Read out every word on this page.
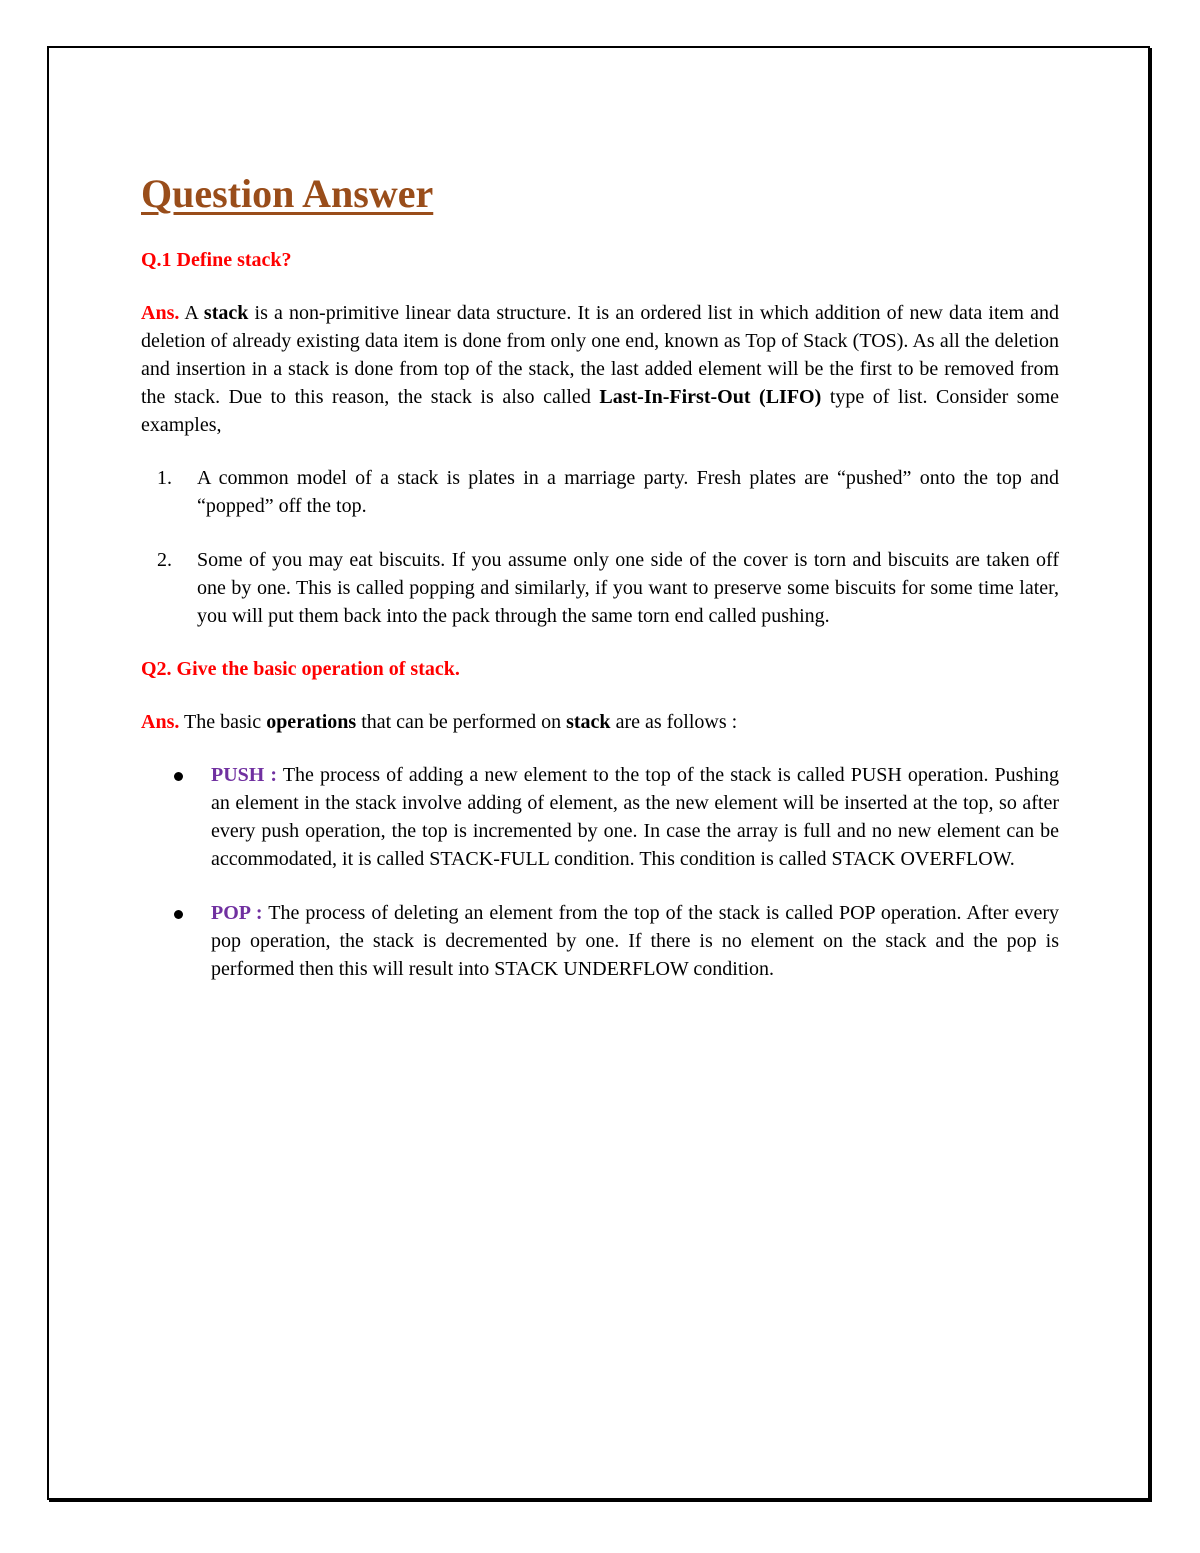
Question Answer

Q.1 Define stack?

Ans. A stack is a non-primitive linear data structure. It is an ordered list in which addition of new data item and deletion of already existing data item is done from only one end, known as Top of Stack (TOS). As all the deletion and insertion in a stack is done from top of the stack, the last added element will be the first to be removed from the stack. Due to this reason, the stack is also called Last-In-First-Out (LIFO) type of list. Consider some examples,

1. A common model of a stack is plates in a marriage party. Fresh plates are “pushed” onto the top and “popped” off the top.
2. Some of you may eat biscuits. If you assume only one side of the cover is torn and biscuits are taken off one by one. This is called popping and similarly, if you want to preserve some biscuits for some time later, you will put them back into the pack through the same torn end called pushing.

Q2. Give the basic operation of stack.

Ans. The basic operations that can be performed on stack are as follows :

PUSH : The process of adding a new element to the top of the stack is called PUSH operation. Pushing an element in the stack involve adding of element, as the new element will be inserted at the top, so after every push operation, the top is incremented by one. In case the array is full and no new element can be accommodated, it is called STACK-FULL condition. This condition is called STACK OVERFLOW.
POP : The process of deleting an element from the top of the stack is called POP operation. After every pop operation, the stack is decremented by one. If there is no element on the stack and the pop is performed then this will result into STACK UNDERFLOW condition.
